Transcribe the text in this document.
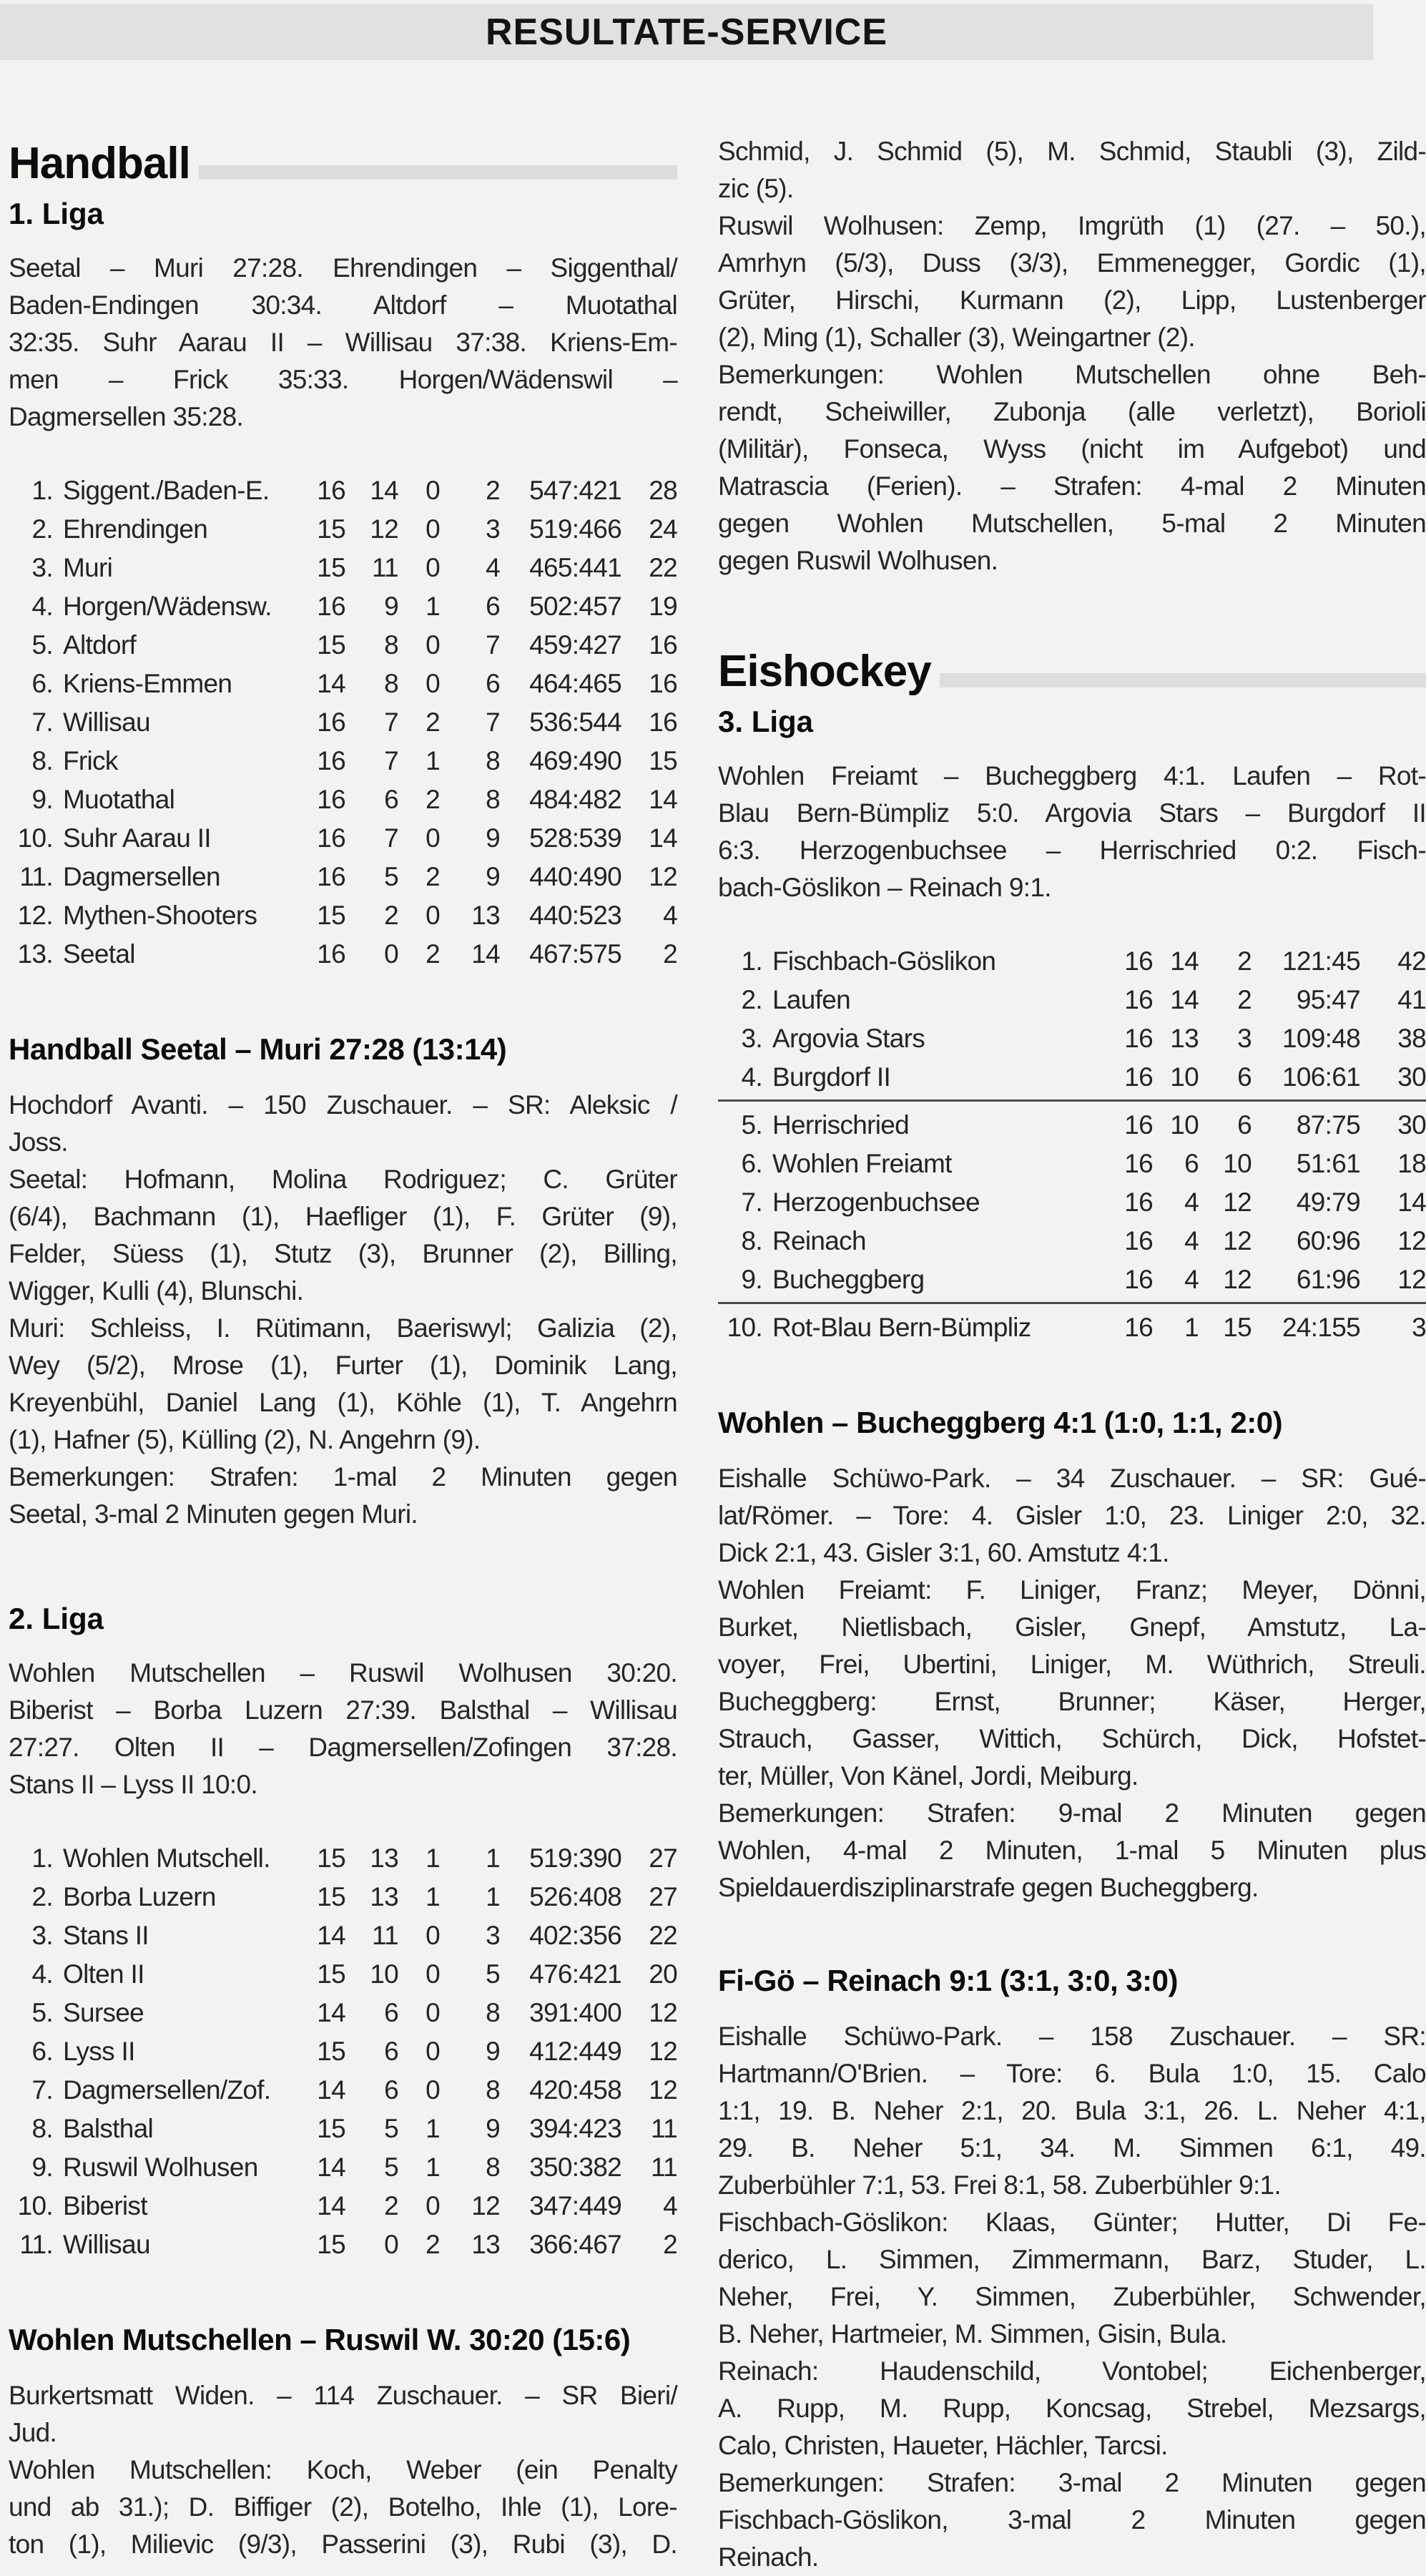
RESULTATE-SERVICE
Handball
1. Liga
Seetal – Muri 27:28. Ehrendingen – Siggenthal/
Baden-Endingen 30:34. Altdorf – Muotathal
32:35. Suhr Aarau II – Willisau 37:38. Kriens-Em-
men – Frick 35:33. Horgen/Wädenswil –
Dagmersellen 35:28.
1. Siggent./Baden-E.	16 14	0	2	547:421	28
2. Ehrendingen	15 12	0	3	519:466	24
3. Muri	15 11	0	4	465:441	22
4. Horgen/Wädensw.	16	9	1	6	502:457	19
5. Altdorf	15	8	0	7	459:427	16
6. Kriens-Emmen	14	8	0	6	464:465	16
7. Willisau	16	7	2	7	536:544	16
8. Frick	16	7	1	8	469:490	15
9. Muotathal	16	6	2	8	484:482	14
10. Suhr Aarau II	16	7	0	9	528:539	14
11. Dagmersellen	16	5	2	9	440:490	12
12. Mythen-Shooters	15	2	0	13	440:523	4
13. Seetal	16	0	2	14	467:575	2
Handball Seetal – Muri 27:28 (13:14)
Hochdorf Avanti. – 150 Zuschauer. – SR: Aleksic /
Joss.
Seetal: Hofmann, Molina Rodriguez; C. Grüter
(6/4), Bachmann (1), Haefliger (1), F. Grüter (9),
Felder, Süess (1), Stutz (3), Brunner (2), Billing,
Wigger, Kulli (4), Blunschi.
Muri: Schleiss, I. Rütimann, Baeriswyl; Galizia (2),
Wey (5/2), Mrose (1), Furter (1), Dominik Lang,
Kreyenbühl, Daniel Lang (1), Köhle (1), T. Angehrn
(1), Hafner (5), Külling (2), N. Angehrn (9).
Bemerkungen: Strafen: 1-mal 2 Minuten gegen
Seetal, 3-mal 2 Minuten gegen Muri.
2. Liga
Wohlen Mutschellen – Ruswil Wolhusen 30:20.
Biberist – Borba Luzern 27:39. Balsthal – Willisau
27:27. Olten II – Dagmersellen/Zofingen 37:28.
Stans II – Lyss II 10:0.
1. Wohlen Mutschell.	15 13	1	1	519:390	27
2. Borba Luzern	15 13	1	1	526:408	27
3. Stans II	14 11	0	3	402:356	22
4. Olten II	15 10	0	5	476:421	20
5. Sursee	14	6	0	8	391:400	12
6. Lyss II	15	6	0	9	412:449	12
7. Dagmersellen/Zof.	14	6	0	8	420:458	12
8. Balsthal	15	5	1	9	394:423	11
9. Ruswil Wolhusen	14	5	1	8	350:382	11
10. Biberist	14	2	0	12	347:449	4
11. Willisau	15	0	2	13	366:467	2
Wohlen Mutschellen – Ruswil W. 30:20 (15:6)
Burkertsmatt Widen. – 114 Zuschauer. – SR Bieri/
Jud.
Wohlen Mutschellen: Koch, Weber (ein Penalty
und ab 31.); D. Biffiger (2), Botelho, Ihle (1), Lore-
ton (1), Milievic (9/3), Passerini (3), Rubi (3), D.
Schmid, J. Schmid (5), M. Schmid, Staubli (3), Zild-
zic (5).
Ruswil Wolhusen: Zemp, Imgrüth (1) (27. – 50.),
Amrhyn (5/3), Duss (3/3), Emmenegger, Gordic (1),
Grüter, Hirschi, Kurmann (2), Lipp, Lustenberger
(2), Ming (1), Schaller (3), Weingartner (2).
Bemerkungen: Wohlen Mutschellen ohne Beh-
rendt, Scheiwiller, Zubonja (alle verletzt), Borioli
(Militär), Fonseca, Wyss (nicht im Aufgebot) und
Matrascia (Ferien). – Strafen: 4-mal 2 Minuten
gegen Wohlen Mutschellen, 5-mal 2 Minuten
gegen Ruswil Wolhusen.
Eishockey
3. Liga
Wohlen Freiamt – Bucheggberg 4:1. Laufen – Rot-
Blau Bern-Bümpliz 5:0. Argovia Stars – Burgdorf II
6:3. Herzogenbuchsee – Herrischried 0:2. Fisch-
bach-Göslikon – Reinach 9:1.
1. Fischbach-Göslikon	16 14	2	121:45	42
2. Laufen	16 14	2	95:47	41
3. Argovia Stars	16 13	3	109:48	38
4. Burgdorf II	16 10	6	106:61	30
5. Herrischried	16 10	6	87:75	30
6. Wohlen Freiamt	16	6 10	51:61	18
7. Herzogenbuchsee	16	4 12	49:79	14
8. Reinach	16	4 12	60:96	12
9. Bucheggberg	16	4 12	61:96	12
10. Rot-Blau Bern-Bümpliz	16	1 15	24:155	3
Wohlen – Bucheggberg 4:1 (1:0, 1:1, 2:0)
Eishalle Schüwo-Park. – 34 Zuschauer. – SR: Gué-
lat/Römer. – Tore: 4. Gisler 1:0, 23. Liniger 2:0, 32.
Dick 2:1, 43. Gisler 3:1, 60. Amstutz 4:1.
Wohlen Freiamt: F. Liniger, Franz; Meyer, Dönni,
Burket, Nietlisbach, Gisler, Gnepf, Amstutz, La-
voyer, Frei, Ubertini, Liniger, M. Wüthrich, Streuli.
Bucheggberg: Ernst, Brunner; Käser, Herger,
Strauch, Gasser, Wittich, Schürch, Dick, Hofstet-
ter, Müller, Von Känel, Jordi, Meiburg.
Bemerkungen: Strafen: 9-mal 2 Minuten gegen
Wohlen, 4-mal 2 Minuten, 1-mal 5 Minuten plus
Spieldauerdisziplinarstrafe gegen Bucheggberg.
Fi-Gö – Reinach 9:1 (3:1, 3:0, 3:0)
Eishalle Schüwo-Park. – 158 Zuschauer. – SR:
Hartmann/O'Brien. – Tore: 6. Bula 1:0, 15. Calo
1:1, 19. B. Neher 2:1, 20. Bula 3:1, 26. L. Neher 4:1,
29. B. Neher 5:1, 34. M. Simmen 6:1, 49.
Zuberbühler 7:1, 53. Frei 8:1, 58. Zuberbühler 9:1.
Fischbach-Göslikon: Klaas, Günter; Hutter, Di Fe-
derico, L. Simmen, Zimmermann, Barz, Studer, L.
Neher, Frei, Y. Simmen, Zuberbühler, Schwender,
B. Neher, Hartmeier, M. Simmen, Gisin, Bula.
Reinach: Haudenschild, Vontobel; Eichenberger,
A. Rupp, M. Rupp, Koncsag, Strebel, Mezsargs,
Calo, Christen, Haueter, Hächler, Tarcsi.
Bemerkungen: Strafen: 3-mal 2 Minuten gegen
Fischbach-Göslikon, 3-mal 2 Minuten gegen
Reinach.
